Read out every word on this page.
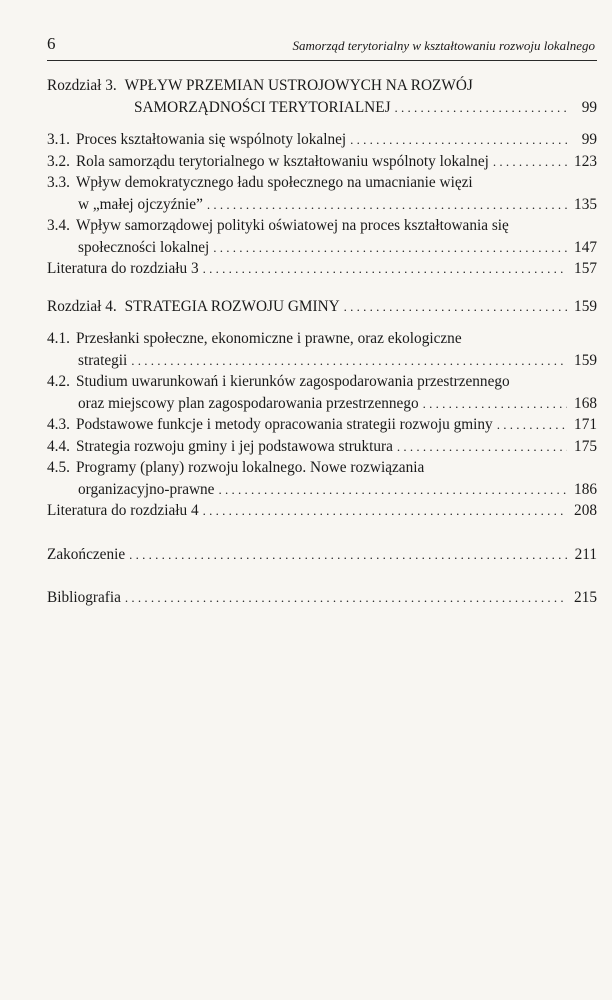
6	Samorząd terytorialny w kształtowaniu rozwoju lokalnego
Rozdział 3. WPŁYW PRZEMIAN USTROJOWYCH NA ROZWÓJ
SAMORZĄDNOŚCI TERYTORIALNEJ . . .	99
3.1. Proces kształtowania się wspólnoty lokalnej . . .	99
3.2. Rola samorządu terytorialnego w kształtowaniu wspólnoty lokalnej . . .	123
3.3. Wpływ demokratycznego ładu społecznego na umacnianie więzi
w „małej ojczyźnie” . . .	135
3.4. Wpływ samorządowej polityki oświatowej na proces kształtowania się
społeczności lokalnej . . .	147
Literatura do rozdziału 3 . . .	157
Rozdział 4. STRATEGIA ROZWOJU GMINY . . .	159
4.1. Przesłanki społeczne, ekonomiczne i prawne, oraz ekologiczne
strategii . . .	159
4.2. Studium uwarunkowań i kierunków zagospodarowania przestrzennego
oraz miejscowy plan zagospodarowania przestrzennego . . .	168
4.3. Podstawowe funkcje i metody opracowania strategii rozwoju gminy . . .	171
4.4. Strategia rozwoju gminy i jej podstawowa struktura . . .	175
4.5. Programy (plany) rozwoju lokalnego. Nowe rozwiązania
organizacyjno-prawne . . .	186
Literatura do rozdziału 4 . . .	208
Zakończenie . . .	211
Bibliografia . . .	215
